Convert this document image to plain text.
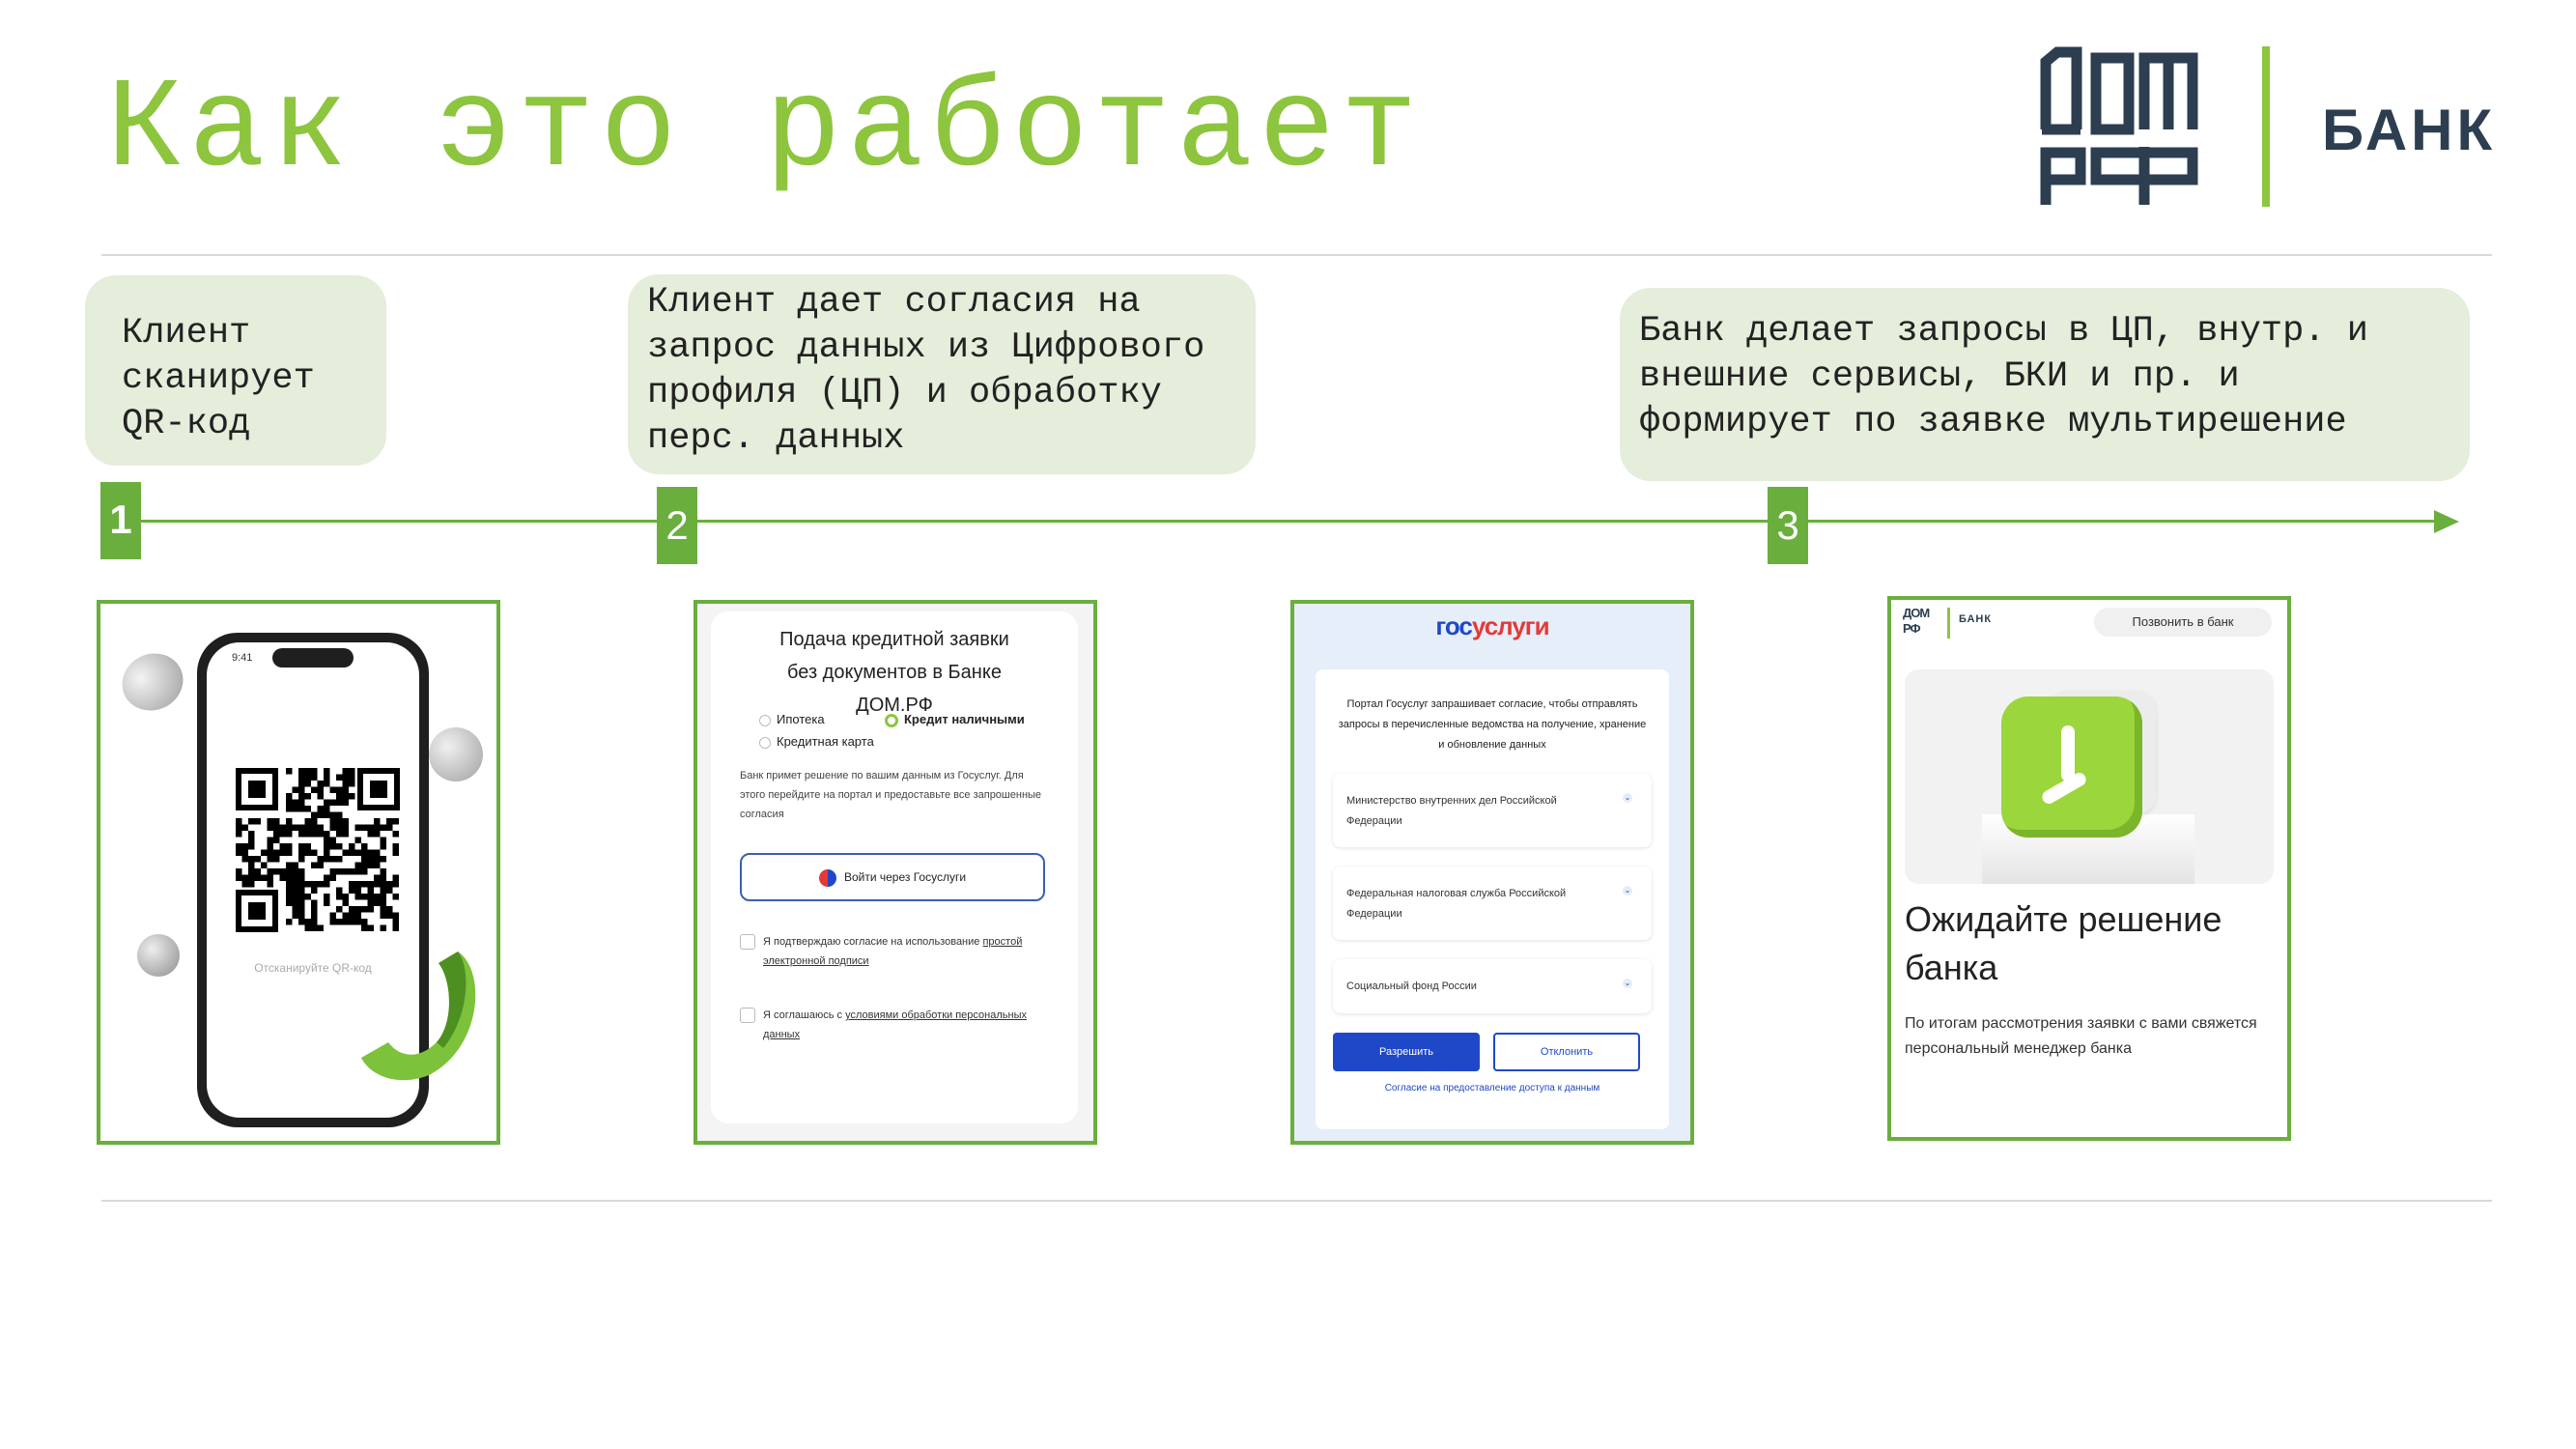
Как это работает	БАНК
Клиент
сканирует
QR-код
Клиент дает согласия на
запрос данных из Цифрового
профиля (ЦП) и обработку
перс. данных
Банк делает запросы в ЦП, внутр. и
внешние сервисы, БКИ и пр. и
формирует по заявке мультирешение
1	2	3
9:41
Отсканируйте QR-код
Подача кредитной заявки без документов в Банке ДОМ.РФ
Ипотека	Кредит наличными
Кредитная карта
Банк примет решение по вашим данным из Госуслуг. Для этого перейдите на портал и предоставьте все запрошенные согласия
Войти через Госуслуги
Я подтверждаю согласие на использование простой электронной подписи
Я соглашаюсь с условиями обработки персональных данных
госуслуги
Портал Госуслуг запрашивает согласие, чтобы отправлять запросы в перечисленные ведомства на получение, хранение и обновление данных
Министерство внутренних дел Российской Федерации
⌄
Федеральная налоговая служба Российской Федерации
⌄
Социальный фонд России	⌄
Разрешить	Отклонить
Согласие на предоставление доступа к данным
ДОМ РФ
БАНК	Позвонить в банк
Ожидайте решение банка
По итогам рассмотрения заявки с вами свяжется персональный менеджер банка
